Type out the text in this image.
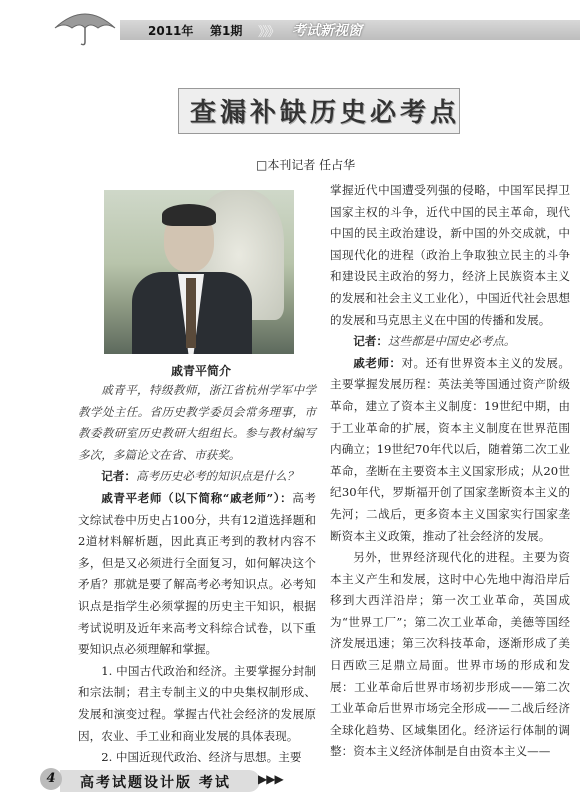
2011年 第1期 》》》 考试新视窗
查漏补缺历史必考点
□本刊记者 任占华
戚青平简介

戚青平，特级教师，浙江省杭州学军中学教学处主任。省历史教学委员会常务理事，市教委教研室历史教研大组组长。参与教材编写多次，多篇论文在省、市获奖。

记者：高考历史必考的知识点是什么？

戚青平老师（以下简称“戚老师”）：高考文综试卷中历史占100分，共有12道选择题和2道材料解析题，因此真正考到的教材内容不多，但是又必须进行全面复习，如何解决这个矛盾？那就是要了解高考必考知识点。必考知识点是指学生必须掌握的历史主干知识，根据考试说明及近年来高考文科综合试卷，以下重要知识点必须理解和掌握。

1. 中国古代政治和经济。主要掌握分封制和宗法制；君主专制主义的中央集权制形成、发展和演变过程。掌握古代社会经济的发展原因，农业、手工业和商业发展的具体表现。

2. 中国近现代政治、经济与思想。主要

掌握近代中国遭受列强的侵略，中国军民捍卫国家主权的斗争，近代中国的民主革命，现代中国的民主政治建设，新中国的外交成就，中国现代化的进程（政治上争取独立民主的斗争和建设民主政治的努力，经济上民族资本主义的发展和社会主义工业化），中国近代社会思想的发展和马克思主义在中国的传播和发展。

记者：这些都是中国史必考点。

戚老师：对。还有世界资本主义的发展。主要掌握发展历程：英法美等国通过资产阶级革命，建立了资本主义制度：19世纪中期，由于工业革命的扩展，资本主义制度在世界范围内确立；19世纪70年代以后，随着第二次工业革命，垄断在主要资本主义国家形成；从20世纪30年代，罗斯福开创了国家垄断资本主义的先河；二战后，更多资本主义国家实行国家垄断资本主义政策，推动了社会经济的发展。

另外，世界经济现代化的进程。主要为资本主义产生和发展，这时中心先地中海沿岸后移到大西洋沿岸；第一次工业革命，英国成为“世界工厂”；第二次工业革命，美德等国经济发展迅速；第三次科技革命，逐渐形成了美日西欧三足鼎立局面。世界市场的形成和发展：工业革命后世界市场初步形成——第二次工业革命后世界市场完全形成——二战后经济全球化趋势、区域集团化。经济运行体制的调整：资本主义经济体制是自由资本主义——

4	高考试题设计版 考试 ▶▶▶
